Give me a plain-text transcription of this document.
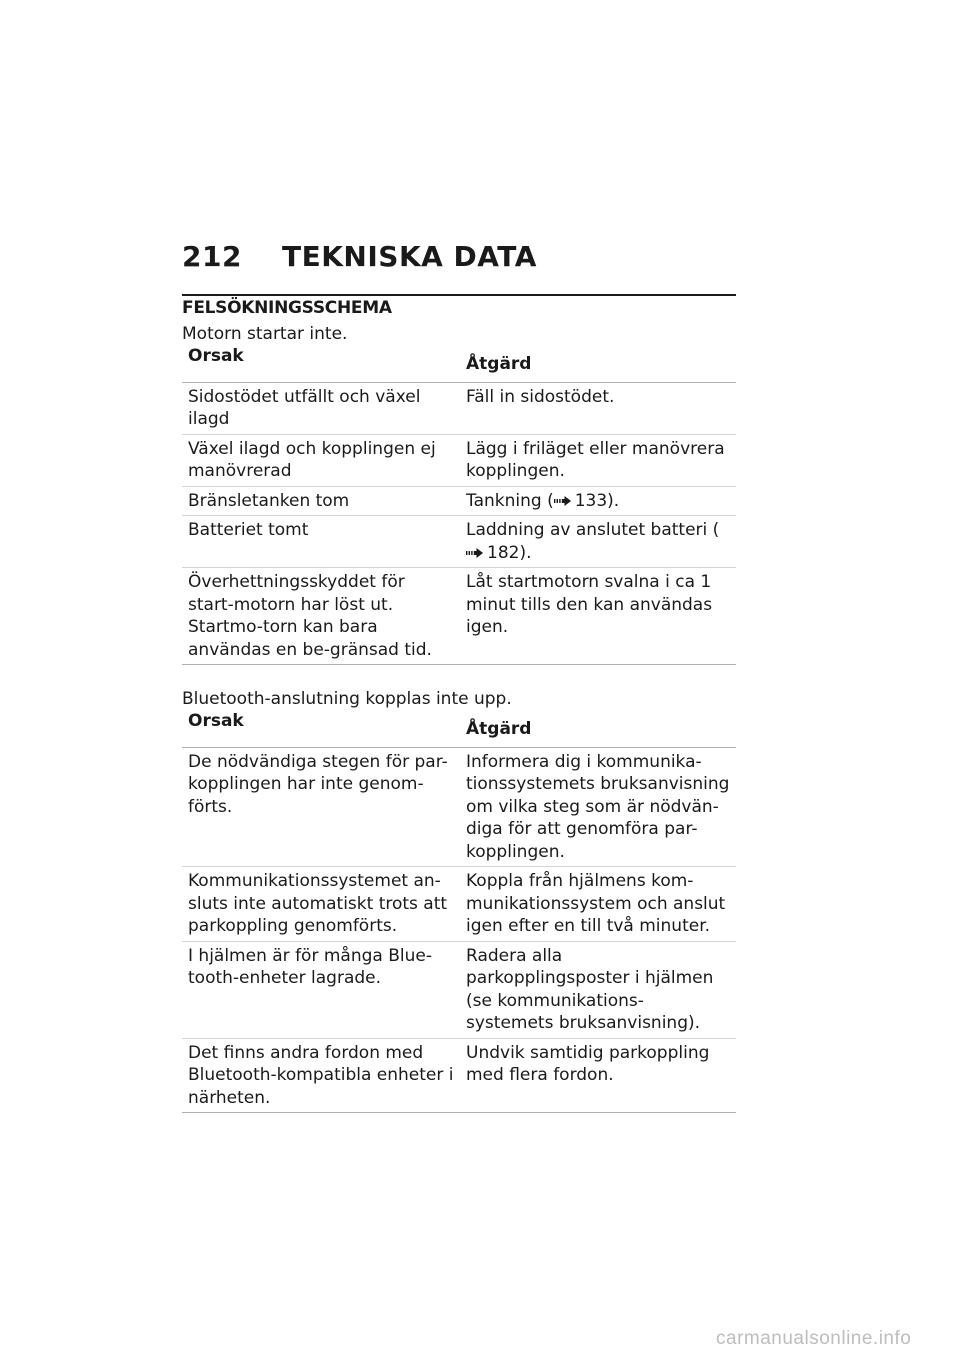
212 TEKNISKA DATA
FELSÖKNINGSSCHEMA
Motorn startar inte.
Orsak	Åtgärd
Sidostödet utfällt och växel ilagd	Fäll in sidostödet.
Växel ilagd och kopplingen ej manövrerad	Lägg i friläget eller manövrera kopplingen.
Bränsletanken tom	Tankning ( 133).
Batteriet tomt	Laddning av anslutet batteri (182).
Överhettningsskyddet för start-motorn har löst ut. Startmo-torn kan bara användas en be-gränsad tid.	Låt startmotorn svalna i ca 1 minut tills den kan användas igen.
Bluetooth-anslutning kopplas inte upp.
Orsak	Åtgärd
De nödvändiga stegen för par-kopplingen har inte genom-förts.	Informera dig i kommunika-tionssystemets bruksanvisning om vilka steg som är nödvän-diga för att genomföra par-kopplingen.
Kommunikationssystemet an-sluts inte automatiskt trots att parkoppling genomförts.	Koppla från hjälmens kom-munikationssystem och anslut igen efter en till två minuter.
I hjälmen är för många Blue-tooth-enheter lagrade.	Radera alla parkopplingsposter i hjälmen (se kommunikations-systemets bruksanvisning).
Det finns andra fordon med Bluetooth-kompatibla enheter i närheten.	Undvik samtidig parkoppling med flera fordon.
carmanualsonline.info
